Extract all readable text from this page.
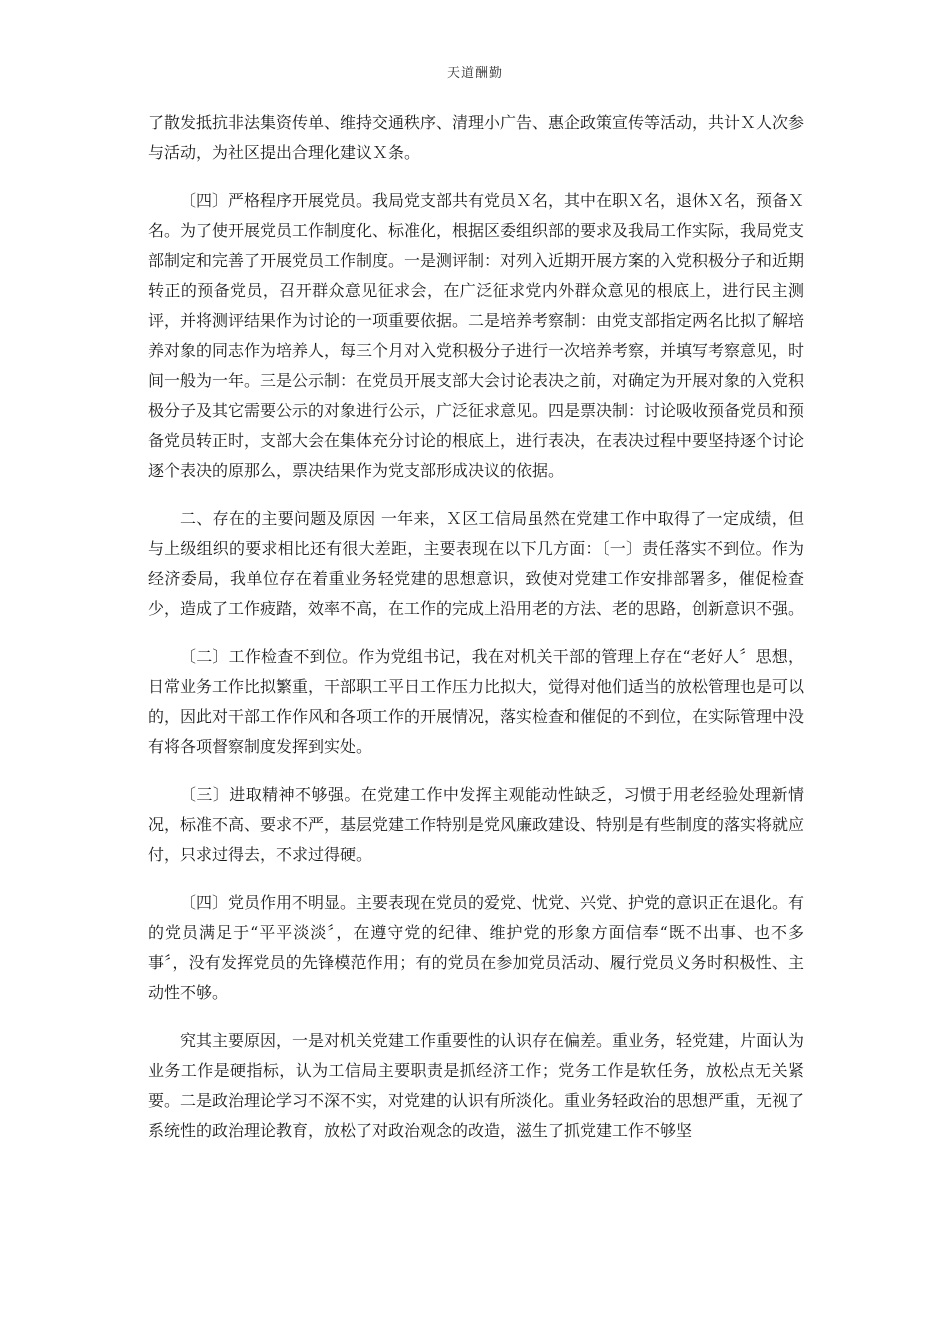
天道酬勤

了散发抵抗非法集资传单、维持交通秩序、清理小广告、惠企政策宣传等活动，共计Ｘ人次参与活动，为社区提出合理化建议Ｘ条。

〔四〕严格程序开展党员。我局党支部共有党员Ｘ名，其中在职Ｘ名，退休Ｘ名，预备Ｘ名。为了使开展党员工作制度化、标准化，根据区委组织部的要求及我局工作实际，我局党支部制定和完善了开展党员工作制度。一是测评制：对列入近期开展方案的入党积极分子和近期转正的预备党员，召开群众意见征求会，在广泛征求党内外群众意见的根底上，进行民主测评，并将测评结果作为讨论的一项重要依据。二是培养考察制：由党支部指定两名比拟了解培养对象的同志作为培养人，每三个月对入党积极分子进行一次培养考察，并填写考察意见，时间一般为一年。三是公示制：在党员开展支部大会讨论表决之前，对确定为开展对象的入党积极分子及其它需要公示的对象进行公示，广泛征求意见。四是票决制：讨论吸收预备党员和预备党员转正时，支部大会在集体充分讨论的根底上，进行表决，在表决过程中要坚持逐个讨论逐个表决的原那么，票决结果作为党支部形成决议的依据。

二、存在的主要问题及原因 一年来，Ｘ区工信局虽然在党建工作中取得了一定成绩，但与上级组织的要求相比还有很大差距，主要表现在以下几方面：〔一〕责任落实不到位。作为经济委局，我单位存在着重业务轻党建的思想意识，致使对党建工作安排部署多，催促检查少，造成了工作疲踏，效率不高，在工作的完成上沿用老的方法、老的思路，创新意识不强。

〔二〕工作检查不到位。作为党组书记，我在对机关干部的管理上存在“老好人〞思想，日常业务工作比拟繁重，干部职工平日工作压力比拟大，觉得对他们适当的放松管理也是可以的，因此对干部工作作风和各项工作的开展情况，落实检查和催促的不到位，在实际管理中没有将各项督察制度发挥到实处。

〔三〕进取精神不够强。在党建工作中发挥主观能动性缺乏，习惯于用老经验处理新情况，标准不高、要求不严，基层党建工作特别是党风廉政建设、特别是有些制度的落实将就应付，只求过得去，不求过得硬。

〔四〕党员作用不明显。主要表现在党员的爱党、忧党、兴党、护党的意识正在退化。有的党员满足于“平平淡淡〞，在遵守党的纪律、维护党的形象方面信奉“既不出事、也不多事〞，没有发挥党员的先锋模范作用；有的党员在参加党员活动、履行党员义务时积极性、主动性不够。

究其主要原因，一是对机关党建工作重要性的认识存在偏差。重业务，轻党建，片面认为业务工作是硬指标，认为工信局主要职责是抓经济工作；党务工作是软任务，放松点无关紧要。二是政治理论学习不深不实，对党建的认识有所淡化。重业务轻政治的思想严重，无视了系统性的政治理论教育，放松了对政治观念的改造，滋生了抓党建工作不够坚
